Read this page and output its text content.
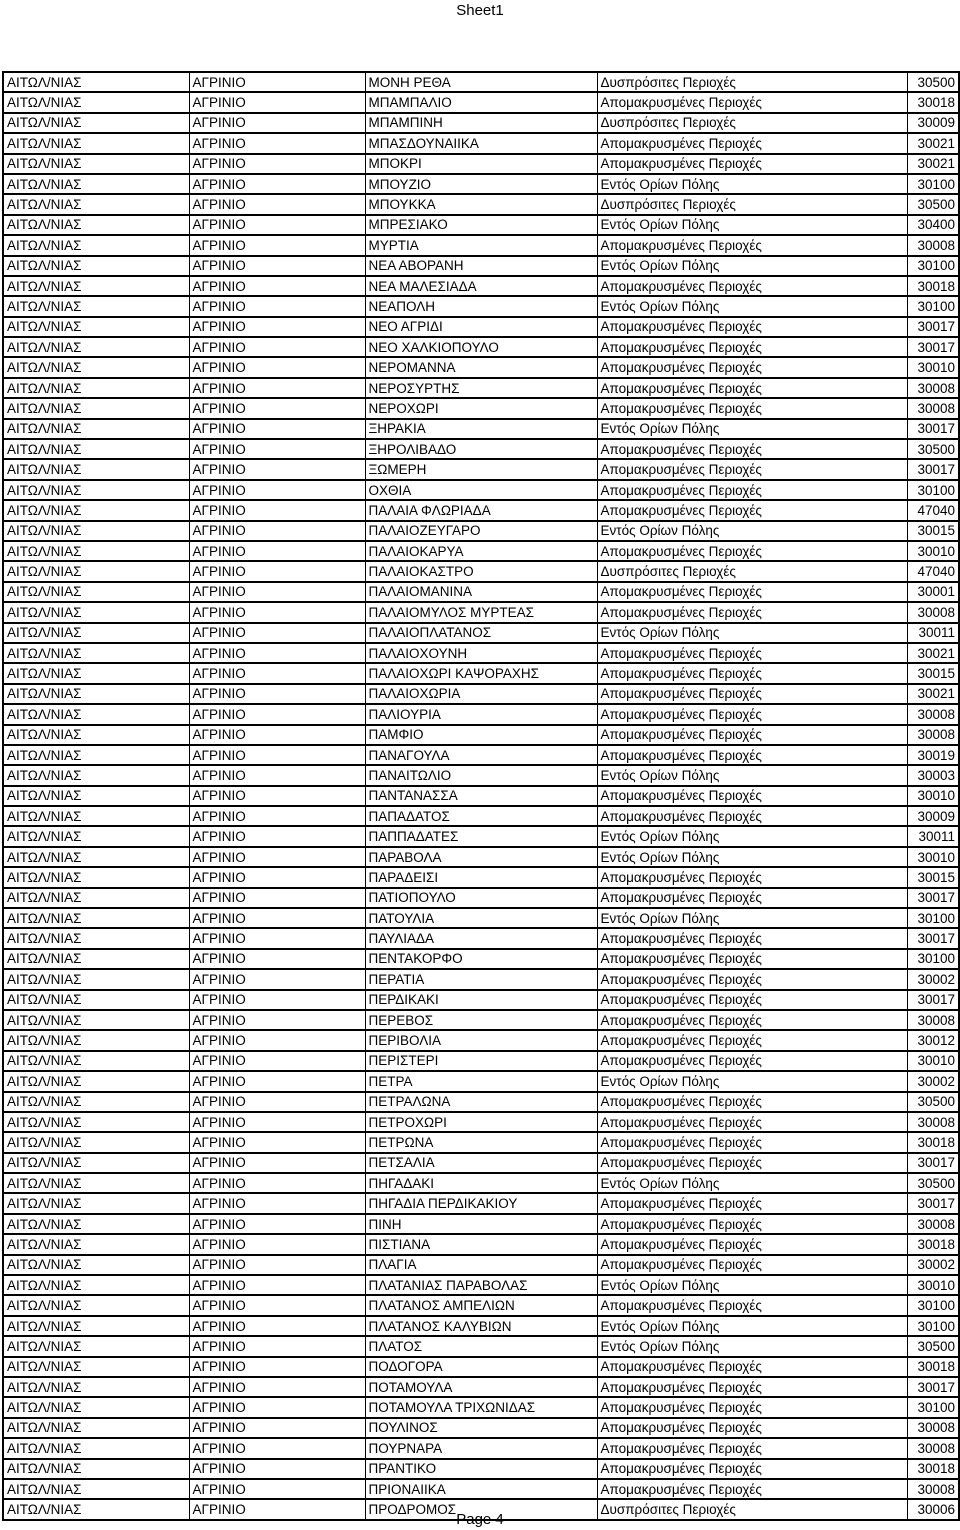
Sheet1
ΑΙΤΩΛ/ΝΙΑΣ	ΑΓΡΙΝΙΟ	ΜΟΝΗ ΡΕΘΑ	Δυσπρόσιτες Περιοχές	30500
ΑΙΤΩΛ/ΝΙΑΣ	ΑΓΡΙΝΙΟ	ΜΠΑΜΠΑΛΙΟ	Απομακρυσμένες Περιοχές	30018
ΑΙΤΩΛ/ΝΙΑΣ	ΑΓΡΙΝΙΟ	ΜΠΑΜΠΙΝΗ	Δυσπρόσιτες Περιοχές	30009
ΑΙΤΩΛ/ΝΙΑΣ	ΑΓΡΙΝΙΟ	ΜΠΑΣΔΟΥΝΑΙΙΚΑ	Απομακρυσμένες Περιοχές	30021
ΑΙΤΩΛ/ΝΙΑΣ	ΑΓΡΙΝΙΟ	ΜΠΟΚΡΙ	Απομακρυσμένες Περιοχές	30021
ΑΙΤΩΛ/ΝΙΑΣ	ΑΓΡΙΝΙΟ	ΜΠΟΥΖΙΟ	Εντός Ορίων Πόλης	30100
ΑΙΤΩΛ/ΝΙΑΣ	ΑΓΡΙΝΙΟ	ΜΠΟΥΚΚΑ	Δυσπρόσιτες Περιοχές	30500
ΑΙΤΩΛ/ΝΙΑΣ	ΑΓΡΙΝΙΟ	ΜΠΡΕΣΙΑΚΟ	Εντός Ορίων Πόλης	30400
ΑΙΤΩΛ/ΝΙΑΣ	ΑΓΡΙΝΙΟ	ΜΥΡΤΙΑ	Απομακρυσμένες Περιοχές	30008
ΑΙΤΩΛ/ΝΙΑΣ	ΑΓΡΙΝΙΟ	ΝΕΑ ΑΒΟΡΑΝΗ	Εντός Ορίων Πόλης	30100
ΑΙΤΩΛ/ΝΙΑΣ	ΑΓΡΙΝΙΟ	ΝΕΑ ΜΑΛΕΣΙΑΔΑ	Απομακρυσμένες Περιοχές	30018
ΑΙΤΩΛ/ΝΙΑΣ	ΑΓΡΙΝΙΟ	ΝΕΑΠΟΛΗ	Εντός Ορίων Πόλης	30100
ΑΙΤΩΛ/ΝΙΑΣ	ΑΓΡΙΝΙΟ	ΝΕΟ ΑΓΡΙΔΙ	Απομακρυσμένες Περιοχές	30017
ΑΙΤΩΛ/ΝΙΑΣ	ΑΓΡΙΝΙΟ	ΝΕΟ ΧΑΛΚΙΟΠΟΥΛΟ	Απομακρυσμένες Περιοχές	30017
ΑΙΤΩΛ/ΝΙΑΣ	ΑΓΡΙΝΙΟ	ΝΕΡΟΜΑΝΝΑ	Απομακρυσμένες Περιοχές	30010
ΑΙΤΩΛ/ΝΙΑΣ	ΑΓΡΙΝΙΟ	ΝΕΡΟΣΥΡΤΗΣ	Απομακρυσμένες Περιοχές	30008
ΑΙΤΩΛ/ΝΙΑΣ	ΑΓΡΙΝΙΟ	ΝΕΡΟΧΩΡΙ	Απομακρυσμένες Περιοχές	30008
ΑΙΤΩΛ/ΝΙΑΣ	ΑΓΡΙΝΙΟ	ΞΗΡΑΚΙΑ	Εντός Ορίων Πόλης	30017
ΑΙΤΩΛ/ΝΙΑΣ	ΑΓΡΙΝΙΟ	ΞΗΡΟΛΙΒΑΔΟ	Απομακρυσμένες Περιοχές	30500
ΑΙΤΩΛ/ΝΙΑΣ	ΑΓΡΙΝΙΟ	ΞΩΜΕΡΗ	Απομακρυσμένες Περιοχές	30017
ΑΙΤΩΛ/ΝΙΑΣ	ΑΓΡΙΝΙΟ	ΟΧΘΙΑ	Απομακρυσμένες Περιοχές	30100
ΑΙΤΩΛ/ΝΙΑΣ	ΑΓΡΙΝΙΟ	ΠΑΛΑΙΑ ΦΛΩΡΙΑΔΑ	Απομακρυσμένες Περιοχές	47040
ΑΙΤΩΛ/ΝΙΑΣ	ΑΓΡΙΝΙΟ	ΠΑΛΑΙΟΖΕΥΓΑΡΟ	Εντός Ορίων Πόλης	30015
ΑΙΤΩΛ/ΝΙΑΣ	ΑΓΡΙΝΙΟ	ΠΑΛΑΙΟΚΑΡΥΑ	Απομακρυσμένες Περιοχές	30010
ΑΙΤΩΛ/ΝΙΑΣ	ΑΓΡΙΝΙΟ	ΠΑΛΑΙΟΚΑΣΤΡΟ	Δυσπρόσιτες Περιοχές	47040
ΑΙΤΩΛ/ΝΙΑΣ	ΑΓΡΙΝΙΟ	ΠΑΛΑΙΟΜΑΝΙΝΑ	Απομακρυσμένες Περιοχές	30001
ΑΙΤΩΛ/ΝΙΑΣ	ΑΓΡΙΝΙΟ	ΠΑΛΑΙΟΜΥΛΟΣ ΜΥΡΤΕΑΣ	Απομακρυσμένες Περιοχές	30008
ΑΙΤΩΛ/ΝΙΑΣ	ΑΓΡΙΝΙΟ	ΠΑΛΑΙΟΠΛΑΤΑΝΟΣ	Εντός Ορίων Πόλης	30011
ΑΙΤΩΛ/ΝΙΑΣ	ΑΓΡΙΝΙΟ	ΠΑΛΑΙΟΧΟΥΝΗ	Απομακρυσμένες Περιοχές	30021
ΑΙΤΩΛ/ΝΙΑΣ	ΑΓΡΙΝΙΟ	ΠΑΛΑΙΟΧΩΡΙ ΚΑΨΟΡΑΧΗΣ	Απομακρυσμένες Περιοχές	30015
ΑΙΤΩΛ/ΝΙΑΣ	ΑΓΡΙΝΙΟ	ΠΑΛΑΙΟΧΩΡΙΑ	Απομακρυσμένες Περιοχές	30021
ΑΙΤΩΛ/ΝΙΑΣ	ΑΓΡΙΝΙΟ	ΠΑΛΙΟΥΡΙΑ	Απομακρυσμένες Περιοχές	30008
ΑΙΤΩΛ/ΝΙΑΣ	ΑΓΡΙΝΙΟ	ΠΑΜΦΙΟ	Απομακρυσμένες Περιοχές	30008
ΑΙΤΩΛ/ΝΙΑΣ	ΑΓΡΙΝΙΟ	ΠΑΝΑΓΟΥΛΑ	Απομακρυσμένες Περιοχές	30019
ΑΙΤΩΛ/ΝΙΑΣ	ΑΓΡΙΝΙΟ	ΠΑΝΑΙΤΩΛΙΟ	Εντός Ορίων Πόλης	30003
ΑΙΤΩΛ/ΝΙΑΣ	ΑΓΡΙΝΙΟ	ΠΑΝΤΑΝΑΣΣΑ	Απομακρυσμένες Περιοχές	30010
ΑΙΤΩΛ/ΝΙΑΣ	ΑΓΡΙΝΙΟ	ΠΑΠΑΔΑΤΟΣ	Απομακρυσμένες Περιοχές	30009
ΑΙΤΩΛ/ΝΙΑΣ	ΑΓΡΙΝΙΟ	ΠΑΠΠΑΔΑΤΕΣ	Εντός Ορίων Πόλης	30011
ΑΙΤΩΛ/ΝΙΑΣ	ΑΓΡΙΝΙΟ	ΠΑΡΑΒΟΛΑ	Εντός Ορίων Πόλης	30010
ΑΙΤΩΛ/ΝΙΑΣ	ΑΓΡΙΝΙΟ	ΠΑΡΑΔΕΙΣΙ	Απομακρυσμένες Περιοχές	30015
ΑΙΤΩΛ/ΝΙΑΣ	ΑΓΡΙΝΙΟ	ΠΑΤΙΟΠΟΥΛΟ	Απομακρυσμένες Περιοχές	30017
ΑΙΤΩΛ/ΝΙΑΣ	ΑΓΡΙΝΙΟ	ΠΑΤΟΥΛΙΑ	Εντός Ορίων Πόλης	30100
ΑΙΤΩΛ/ΝΙΑΣ	ΑΓΡΙΝΙΟ	ΠΑΥΛΙΑΔΑ	Απομακρυσμένες Περιοχές	30017
ΑΙΤΩΛ/ΝΙΑΣ	ΑΓΡΙΝΙΟ	ΠΕΝΤΑΚΟΡΦΟ	Απομακρυσμένες Περιοχές	30100
ΑΙΤΩΛ/ΝΙΑΣ	ΑΓΡΙΝΙΟ	ΠΕΡΑΤΙΑ	Απομακρυσμένες Περιοχές	30002
ΑΙΤΩΛ/ΝΙΑΣ	ΑΓΡΙΝΙΟ	ΠΕΡΔΙΚΑΚΙ	Απομακρυσμένες Περιοχές	30017
ΑΙΤΩΛ/ΝΙΑΣ	ΑΓΡΙΝΙΟ	ΠΕΡΕΒΟΣ	Απομακρυσμένες Περιοχές	30008
ΑΙΤΩΛ/ΝΙΑΣ	ΑΓΡΙΝΙΟ	ΠΕΡΙΒΟΛΙΑ	Απομακρυσμένες Περιοχές	30012
ΑΙΤΩΛ/ΝΙΑΣ	ΑΓΡΙΝΙΟ	ΠΕΡΙΣΤΕΡΙ	Απομακρυσμένες Περιοχές	30010
ΑΙΤΩΛ/ΝΙΑΣ	ΑΓΡΙΝΙΟ	ΠΕΤΡΑ	Εντός Ορίων Πόλης	30002
ΑΙΤΩΛ/ΝΙΑΣ	ΑΓΡΙΝΙΟ	ΠΕΤΡΑΛΩΝΑ	Απομακρυσμένες Περιοχές	30500
ΑΙΤΩΛ/ΝΙΑΣ	ΑΓΡΙΝΙΟ	ΠΕΤΡΟΧΩΡΙ	Απομακρυσμένες Περιοχές	30008
ΑΙΤΩΛ/ΝΙΑΣ	ΑΓΡΙΝΙΟ	ΠΕΤΡΩΝΑ	Απομακρυσμένες Περιοχές	30018
ΑΙΤΩΛ/ΝΙΑΣ	ΑΓΡΙΝΙΟ	ΠΕΤΣΑΛΙΑ	Απομακρυσμένες Περιοχές	30017
ΑΙΤΩΛ/ΝΙΑΣ	ΑΓΡΙΝΙΟ	ΠΗΓΑΔΑΚΙ	Εντός Ορίων Πόλης	30500
ΑΙΤΩΛ/ΝΙΑΣ	ΑΓΡΙΝΙΟ	ΠΗΓΑΔΙΑ ΠΕΡΔΙΚΑΚΙΟΥ	Απομακρυσμένες Περιοχές	30017
ΑΙΤΩΛ/ΝΙΑΣ	ΑΓΡΙΝΙΟ	ΠΙΝΗ	Απομακρυσμένες Περιοχές	30008
ΑΙΤΩΛ/ΝΙΑΣ	ΑΓΡΙΝΙΟ	ΠΙΣΤΙΑΝΑ	Απομακρυσμένες Περιοχές	30018
ΑΙΤΩΛ/ΝΙΑΣ	ΑΓΡΙΝΙΟ	ΠΛΑΓΙΑ	Απομακρυσμένες Περιοχές	30002
ΑΙΤΩΛ/ΝΙΑΣ	ΑΓΡΙΝΙΟ	ΠΛΑΤΑΝΙΑΣ ΠΑΡΑΒΟΛΑΣ	Εντός Ορίων Πόλης	30010
ΑΙΤΩΛ/ΝΙΑΣ	ΑΓΡΙΝΙΟ	ΠΛΑΤΑΝΟΣ ΑΜΠΕΛΙΩΝ	Απομακρυσμένες Περιοχές	30100
ΑΙΤΩΛ/ΝΙΑΣ	ΑΓΡΙΝΙΟ	ΠΛΑΤΑΝΟΣ ΚΑΛΥΒΙΩΝ	Εντός Ορίων Πόλης	30100
ΑΙΤΩΛ/ΝΙΑΣ	ΑΓΡΙΝΙΟ	ΠΛΑΤΟΣ	Εντός Ορίων Πόλης	30500
ΑΙΤΩΛ/ΝΙΑΣ	ΑΓΡΙΝΙΟ	ΠΟΔΟΓΟΡΑ	Απομακρυσμένες Περιοχές	30018
ΑΙΤΩΛ/ΝΙΑΣ	ΑΓΡΙΝΙΟ	ΠΟΤΑΜΟΥΛΑ	Απομακρυσμένες Περιοχές	30017
ΑΙΤΩΛ/ΝΙΑΣ	ΑΓΡΙΝΙΟ	ΠΟΤΑΜΟΥΛΑ ΤΡΙΧΩΝΙΔΑΣ	Απομακρυσμένες Περιοχές	30100
ΑΙΤΩΛ/ΝΙΑΣ	ΑΓΡΙΝΙΟ	ΠΟΥΛΙΝΟΣ	Απομακρυσμένες Περιοχές	30008
ΑΙΤΩΛ/ΝΙΑΣ	ΑΓΡΙΝΙΟ	ΠΟΥΡΝΑΡΑ	Απομακρυσμένες Περιοχές	30008
ΑΙΤΩΛ/ΝΙΑΣ	ΑΓΡΙΝΙΟ	ΠΡΑΝΤΙΚΟ	Απομακρυσμένες Περιοχές	30018
ΑΙΤΩΛ/ΝΙΑΣ	ΑΓΡΙΝΙΟ	ΠΡΙΟΝΑΙΙΚΑ	Απομακρυσμένες Περιοχές	30008
ΑΙΤΩΛ/ΝΙΑΣ	ΑΓΡΙΝΙΟ	ΠΡΟΔΡΟΜΟΣ	Δυσπρόσιτες Περιοχές	30006
Page 4
